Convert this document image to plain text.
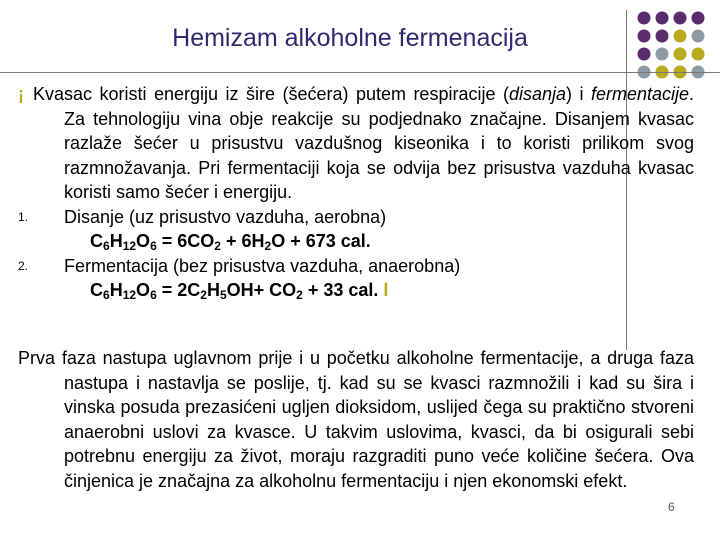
Hemizam alkoholne fermenacija
¡ Kvasac koristi energiju iz šire (šećera) putem respiracije (disanja) i fermentacije. Za tehnologiju vina obje reakcije su podjednako značajne. Disanjem kvasac razlaže šećer u prisustvu vazdušnog kiseonika i to koristi prilikom svog razmnožavanja. Pri fermentaciji koja se odvija bez prisustva vazduha kvasac koristi samo šećer i energiju.
1. Disanje (uz prisustvo vazduha, aerobna)
$C_6H_{12}O_6 = 6CO_2 + 6H_2O + 673$ cal.
2. Fermentacija (bez prisustva vazduha, anaerobna)
$C_6H_{12}O_6 = 2C_2H_5OH+ CO_2 + 33$ cal. l
Prva faza nastupa uglavnom prije i u početku alkoholne fermentacije, a druga faza nastupa i nastavlja se poslije, tj. kad su se kvasci razmnožili i kad su šira i vinska posuda prezasićeni ugljen dioksidom, uslijed čega su praktično stvoreni anaerobni uslovi za kvasce. U takvim uslovima, kvasci, da bi osigurali sebi potrebnu energiju za život, moraju razgraditi puno veće količine šećera. Ova činjenica je značajna za alkoholnu fermentaciju i njen ekonomski efekt.
6
